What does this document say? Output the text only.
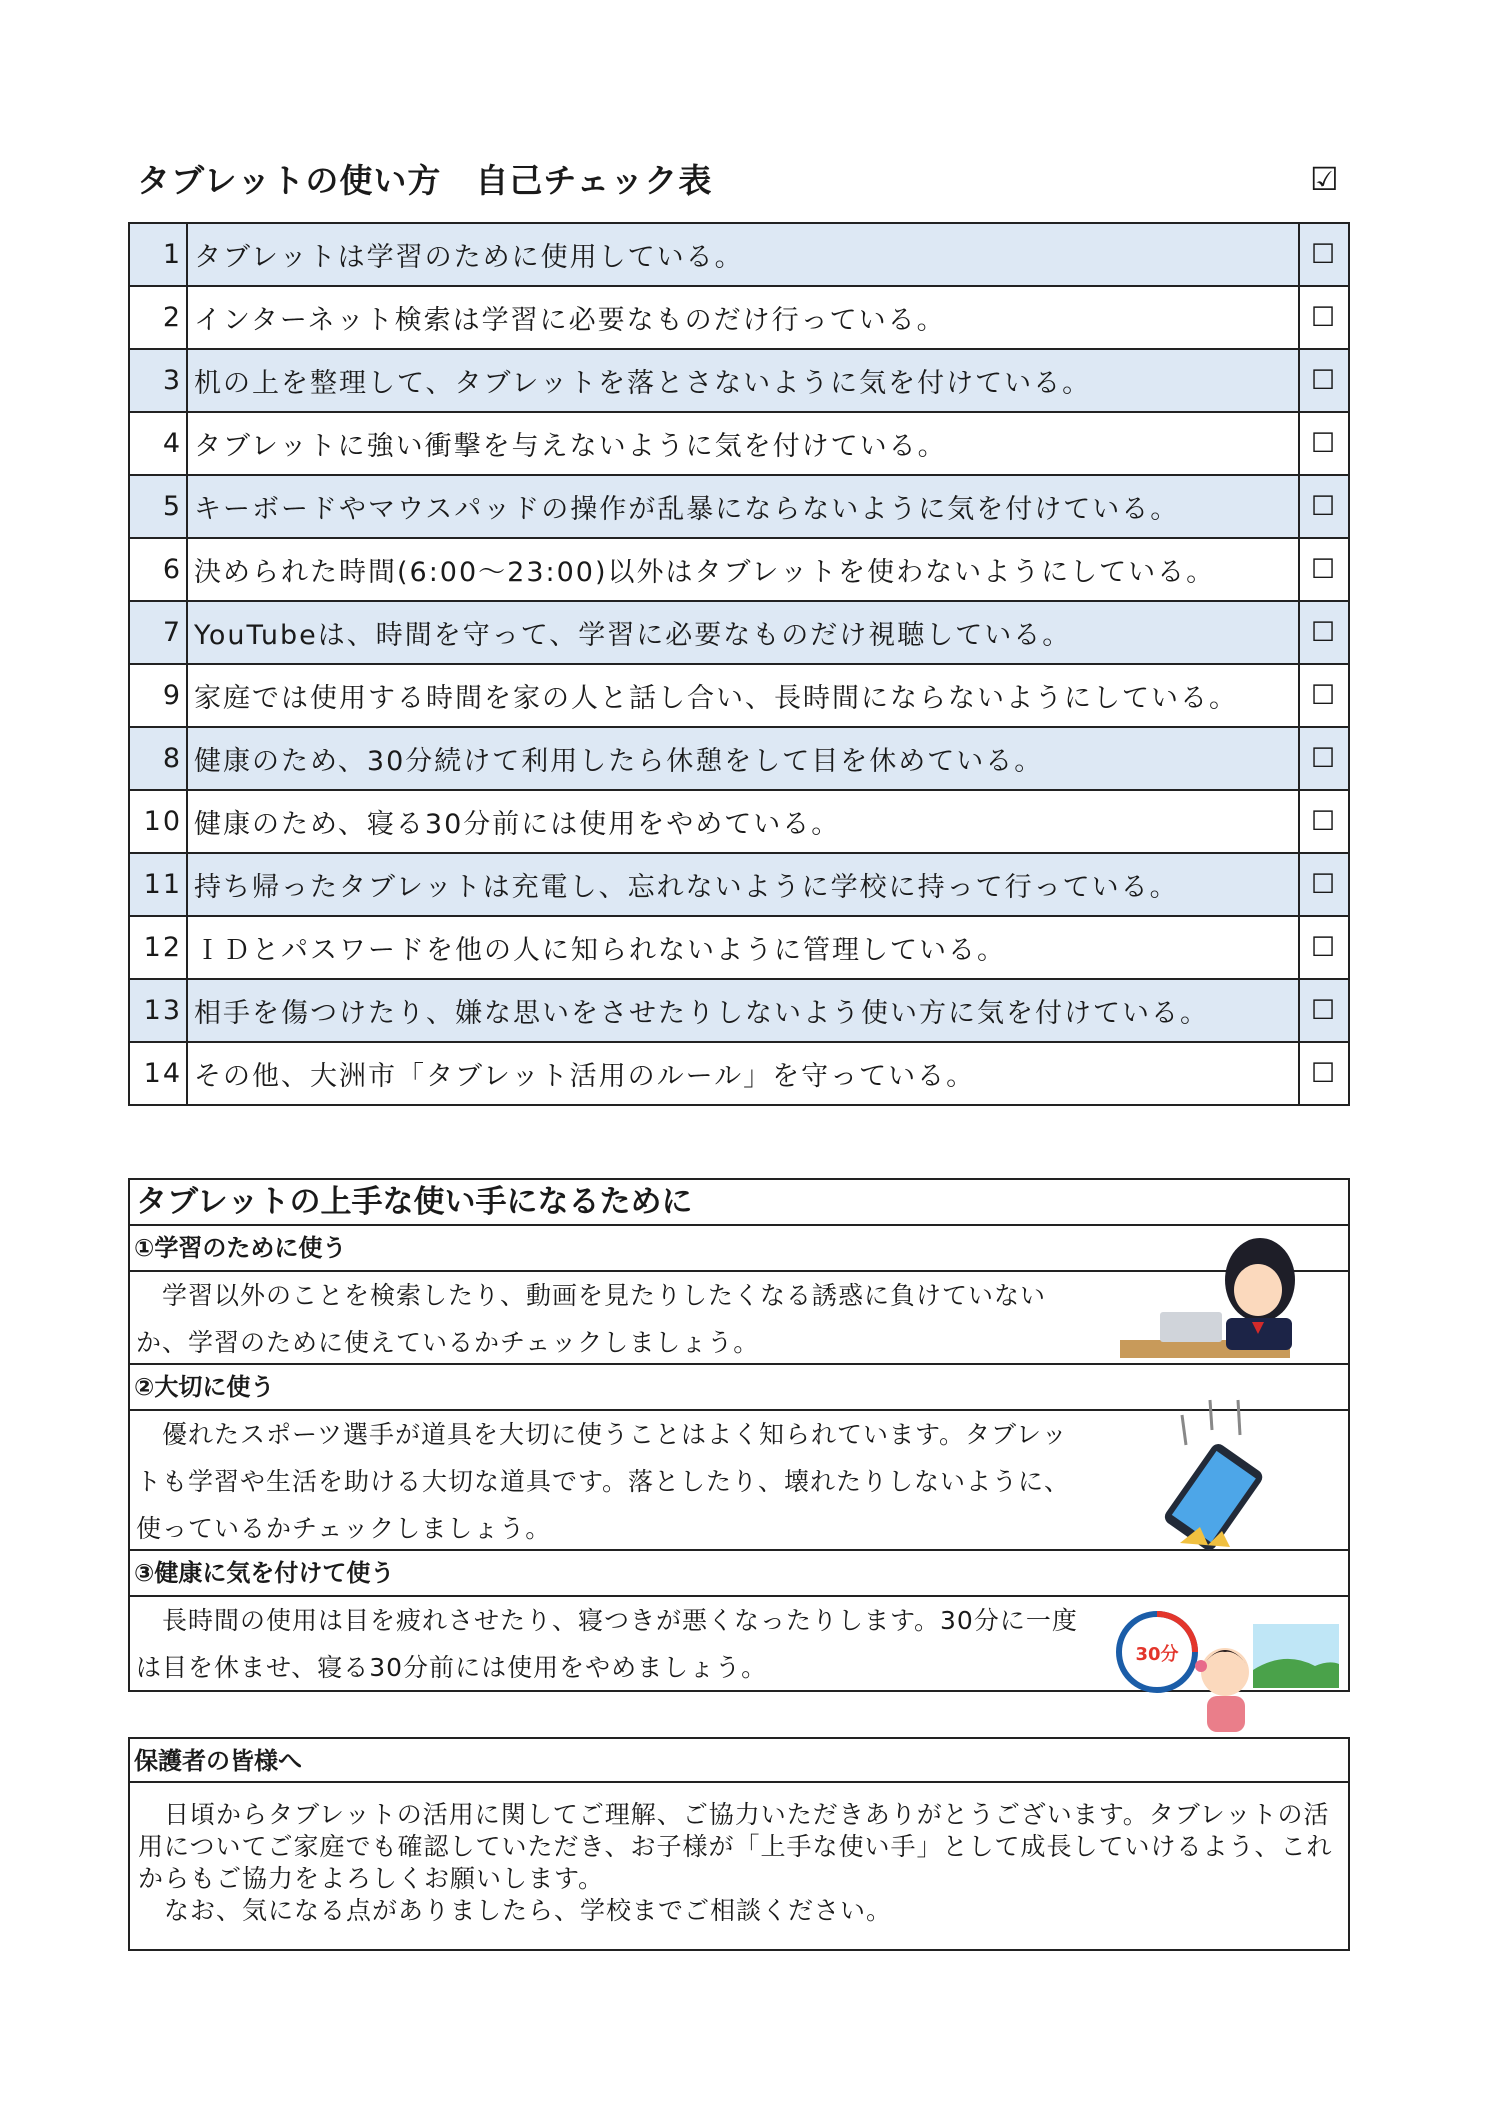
タブレットの使い方　自己チェック表	☑
1	タブレットは学習のために使用している。	☐
2	インターネット検索は学習に必要なものだけ行っている。	☐
3	机の上を整理して、タブレットを落とさないように気を付けている。	☐
4	タブレットに強い衝撃を与えないように気を付けている。	☐
5	キーボードやマウスパッドの操作が乱暴にならないように気を付けている。	☐
6	決められた時間(6:00～23:00)以外はタブレットを使わないようにしている。	☐
7	YouTubeは、時間を守って、学習に必要なものだけ視聴している。	☐
9	家庭では使用する時間を家の人と話し合い、長時間にならないようにしている。	☐
8	健康のため、30分続けて利用したら休憩をして目を休めている。	☐
10	健康のため、寝る30分前には使用をやめている。	☐
11	持ち帰ったタブレットは充電し、忘れないように学校に持って行っている。	☐
12	ＩＤとパスワードを他の人に知られないように管理している。	☐
13	相手を傷つけたり、嫌な思いをさせたりしないよう使い方に気を付けている。	☐
14	その他、大洲市「タブレット活用のルール」を守っている。	☐
タブレットの上手な使い手になるために
①学習のために使う
学習以外のことを検索したり、動画を見たりしたくなる誘惑に負けていないか、学習のために使えているかチェックしましょう。
②大切に使う
優れたスポーツ選手が道具を大切に使うことはよく知られています。タブレットも学習や生活を助ける大切な道具です。落としたり、壊れたりしないように、使っているかチェックしましょう。
③健康に気を付けて使う
長時間の使用は目を疲れさせたり、寝つきが悪くなったりします。30分に一度は目を休ませ、寝る30分前には使用をやめましょう。	30分
保護者の皆様へ

日頃からタブレットの活用に関してご理解、ご協力いただきありがとうございます。タブレットの活用についてご家庭でも確認していただき、お子様が「上手な使い手」として成長していけるよう、これからもご協力をよろしくお願いします。

なお、気になる点がありましたら、学校までご相談ください。
